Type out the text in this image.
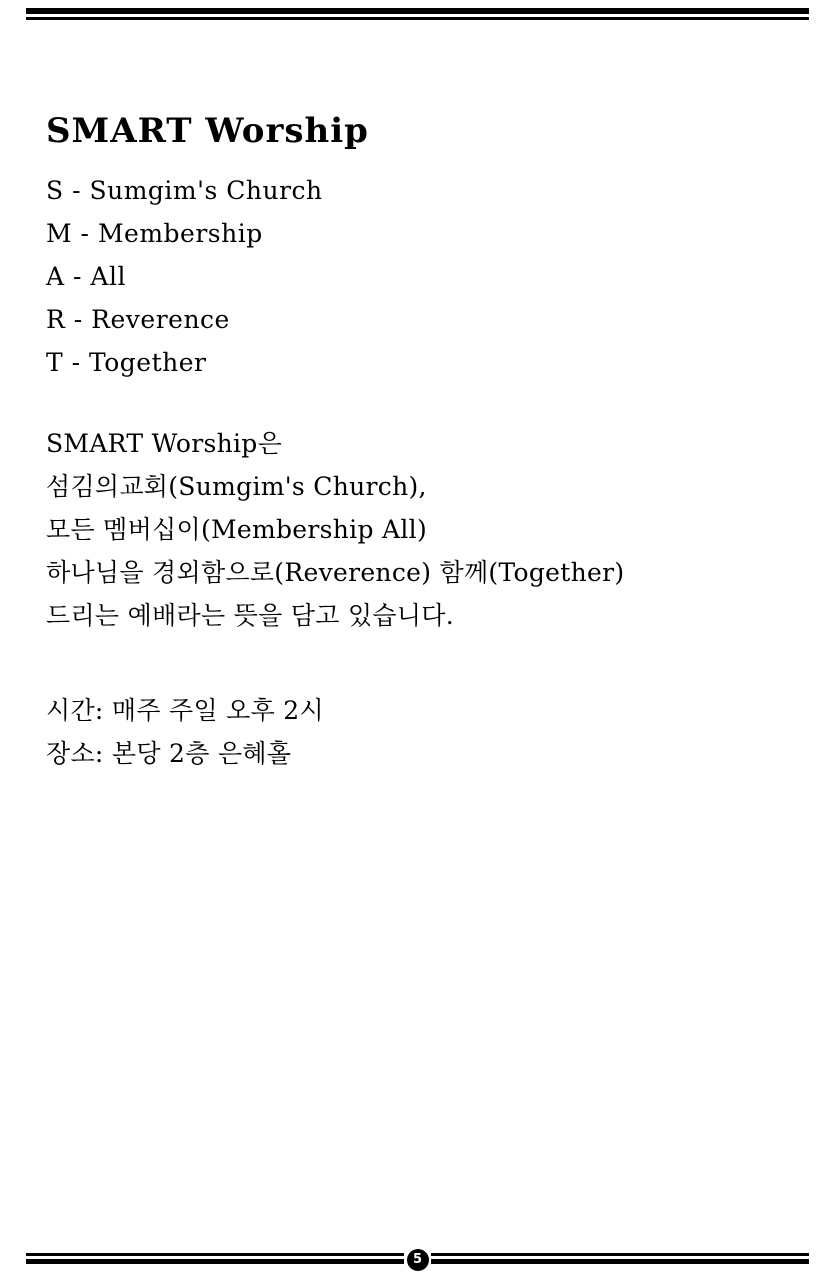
SMART Worship
S - Sumgim's Church
M - Membership
A - All
R - Reverence
T - Together

SMART Worship은

섬김의교회(Sumgim's Church),

모든 멤버십이(Membership All)

하나님을 경외함으로(Reverence) 함께(Together)

드리는 예배라는 뜻을 담고 있습니다.

시간: 매주 주일 오후 2시
장소: 본당 2층 은혜홀
5
